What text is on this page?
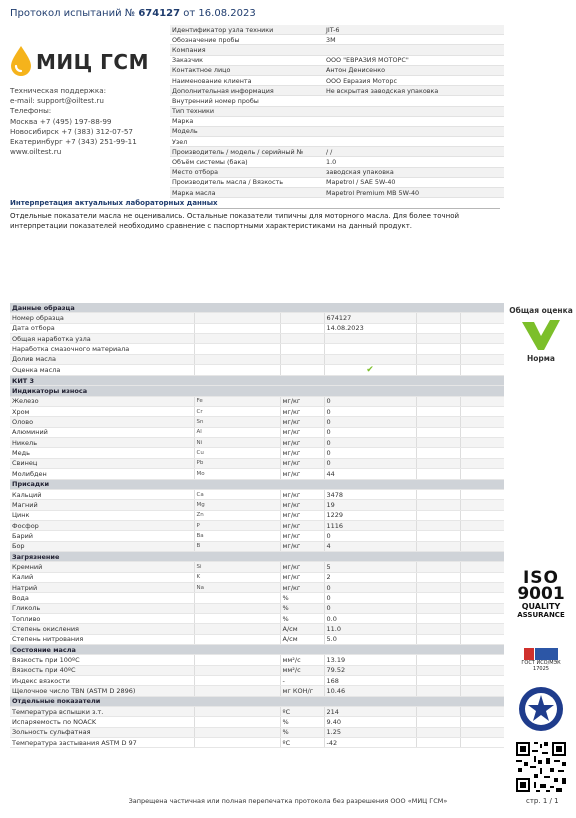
Протокол испытаний № 674127 от 16.08.2023
МИЦ ГСМ
Техническая поддержка:
e-mail: support@oiltest.ru
Телефоны:
Москва +7 (495) 197-88-99
Новосибирск +7 (383) 312-07-57
Екатеринбург +7 (343) 251-99-11
www.oiltest.ru
Идентификатор узла техники	JIT-6
Обозначение пробы	3М
Компания	
Заказчик	ООО "ЕВРАЗИЯ МОТОРС"
Контактное лицо	Антон Денисенко
Наименование клиента	ООО Евразия Моторс
Дополнительная информация	Не вскрытая заводская упаковка
Внутренний номер пробы	
Тип техники	
Марка	
Модель	
Узел	
Производитель / модель / серийный №	/ /
Объём системы (бака)	1.0
Место отбора	заводская упаковка
Производитель масла / Вязкость	Mapetrol / SAE 5W-40
Марка масла	Mapetrol Premium MB 5W-40
Интерпретация актуальных лабораторных данных
Отдельные показатели масла не оценивались. Остальные показатели типичны для моторного масла. Для более точной интерпретации показателей необходимо сравнение с паспортными характеристиками на данный продукт.
Данные образца					
Номер образца			674127		
Дата отбора			14.08.2023		
Общая наработка узла					
Наработка смазочного материала					
Долив масла					
Оценка масла			✔		
КИТ 3					
Индикаторы износа					
Железо	Fe	мг/кг	0		
Хром	Cr	мг/кг	0		
Олово	Sn	мг/кг	0		
Алюминий	Al	мг/кг	0		
Никель	Ni	мг/кг	0		
Медь	Cu	мг/кг	0		
Свинец	Pb	мг/кг	0		
Молибден	Mo	мг/кг	44		
Присадки					
Кальций	Ca	мг/кг	3478		
Магний	Mg	мг/кг	19		
Цинк	Zn	мг/кг	1229		
Фосфор	P	мг/кг	1116		
Барий	Ba	мг/кг	0		
Бор	B	мг/кг	4		
Загрязнение					
Кремний	Si	мг/кг	5		
Калий	K	мг/кг	2		
Натрий	Na	мг/кг	0		
Вода		%	0		
Гликоль		%	0		
Топливо		%	0.0		
Степень окисления		A/см	11.0		
Степень нитрования		A/см	5.0		
Состояние масла					
Вязкость при 100ºC		мм²/с	13.19		
Вязкость при 40ºC		мм²/с	79.52		
Индекс вязкости		-	168		
Щелочное число TBN (ASTM D 2896)		мг КОН/г	10.46		
Отдельные показатели					
Температура вспышки з.т.		ºC	214		
Испаряемость по NOACK		%	9.40		
Зольность сульфатная		%	1.25		
Температура застывания ASTM D 97		ºC	-42		
Общая оценка
Норма
ISO
9001
QUALITY
ASSURANCE
ГОСТ ИСО/МЭК
17025
Запрещена частичная или полная перепечатка протокола без разрешения ООО «МИЦ ГСМ»	стр. 1 / 1
